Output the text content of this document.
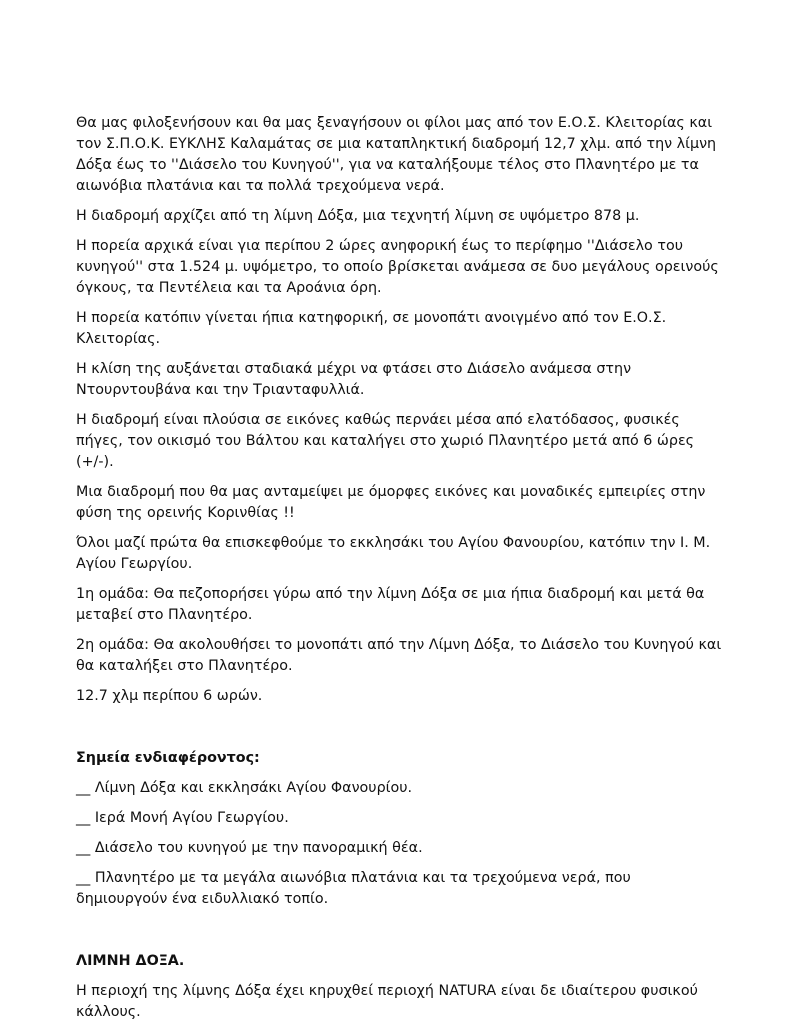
Θα μας φιλοξενήσουν και θα μας ξεναγήσουν οι φίλοι μας από τον Ε.Ο.Σ. Κλειτορίας και τον Σ.Π.Ο.Κ. ΕΥΚΛΗΣ Καλαμάτας σε μια καταπληκτική διαδρομή 12,7 χλμ. από την λίμνη Δόξα έως το ''Διάσελο του Κυνηγού'', για να καταλήξουμε τέλος στο Πλανητέρο με τα αιωνόβια πλατάνια και τα πολλά τρεχούμενα νερά.

Η διαδρομή αρχίζει από τη λίμνη Δόξα, μια τεχνητή λίμνη σε υψόμετρο 878 μ.

Η πορεία αρχικά είναι για περίπου 2 ώρες ανηφορική έως το περίφημο ''Διάσελο του κυνηγού'' στα 1.524 μ. υψόμετρο, το οποίο βρίσκεται ανάμεσα σε δυο μεγάλους ορεινούς όγκους, τα Πεντέλεια και τα Αροάνια όρη.

Η πορεία κατόπιν γίνεται ήπια κατηφορική, σε μονοπάτι ανοιγμένο από τον Ε.Ο.Σ. Κλειτορίας.

Η κλίση της αυξάνεται σταδιακά μέχρι να φτάσει στο Διάσελο ανάμεσα στην Ντουρντουβάνα και την Τριανταφυλλιά.

Η διαδρομή είναι πλούσια σε εικόνες καθώς περνάει μέσα από ελατόδασος, φυσικές πήγες, τον οικισμό του Βάλτου και καταλήγει στο χωριό Πλανητέρο μετά από 6 ώρες (+/-).

Μια διαδρομή που θα μας ανταμείψει με όμορφες εικόνες και μοναδικές εμπειρίες στην φύση της ορεινής Κορινθίας !!

Όλοι μαζί πρώτα θα επισκεφθούμε το εκκλησάκι του Αγίου Φανουρίου, κατόπιν την Ι. Μ. Αγίου Γεωργίου.

1η ομάδα: Θα πεζοπορήσει γύρω από την λίμνη Δόξα σε μια ήπια διαδρομή και μετά θα μεταβεί στο Πλανητέρο.

2η ομάδα: Θα ακολουθήσει το μονοπάτι από την Λίμνη Δόξα, το Διάσελο του Κυνηγού και θα καταλήξει στο Πλανητέρο.

12.7 χλμ περίπου 6 ωρών.

Σημεία ενδιαφέροντος:

__ Λίμνη Δόξα και εκκλησάκι Αγίου Φανουρίου.

__ Ιερά Μονή Αγίου Γεωργίου.

__ Διάσελο του κυνηγού με την πανοραμική θέα.

__ Πλανητέρο με τα μεγάλα αιωνόβια πλατάνια και τα τρεχούμενα νερά, που δημιουργούν ένα ειδυλλιακό τοπίο.

ΛΙΜΝΗ ΔΟΞΑ.

Η περιοχή της λίμνης Δόξα έχει κηρυχθεί περιοχή NATURA είναι δε ιδιαίτερου φυσικού κάλλους.
